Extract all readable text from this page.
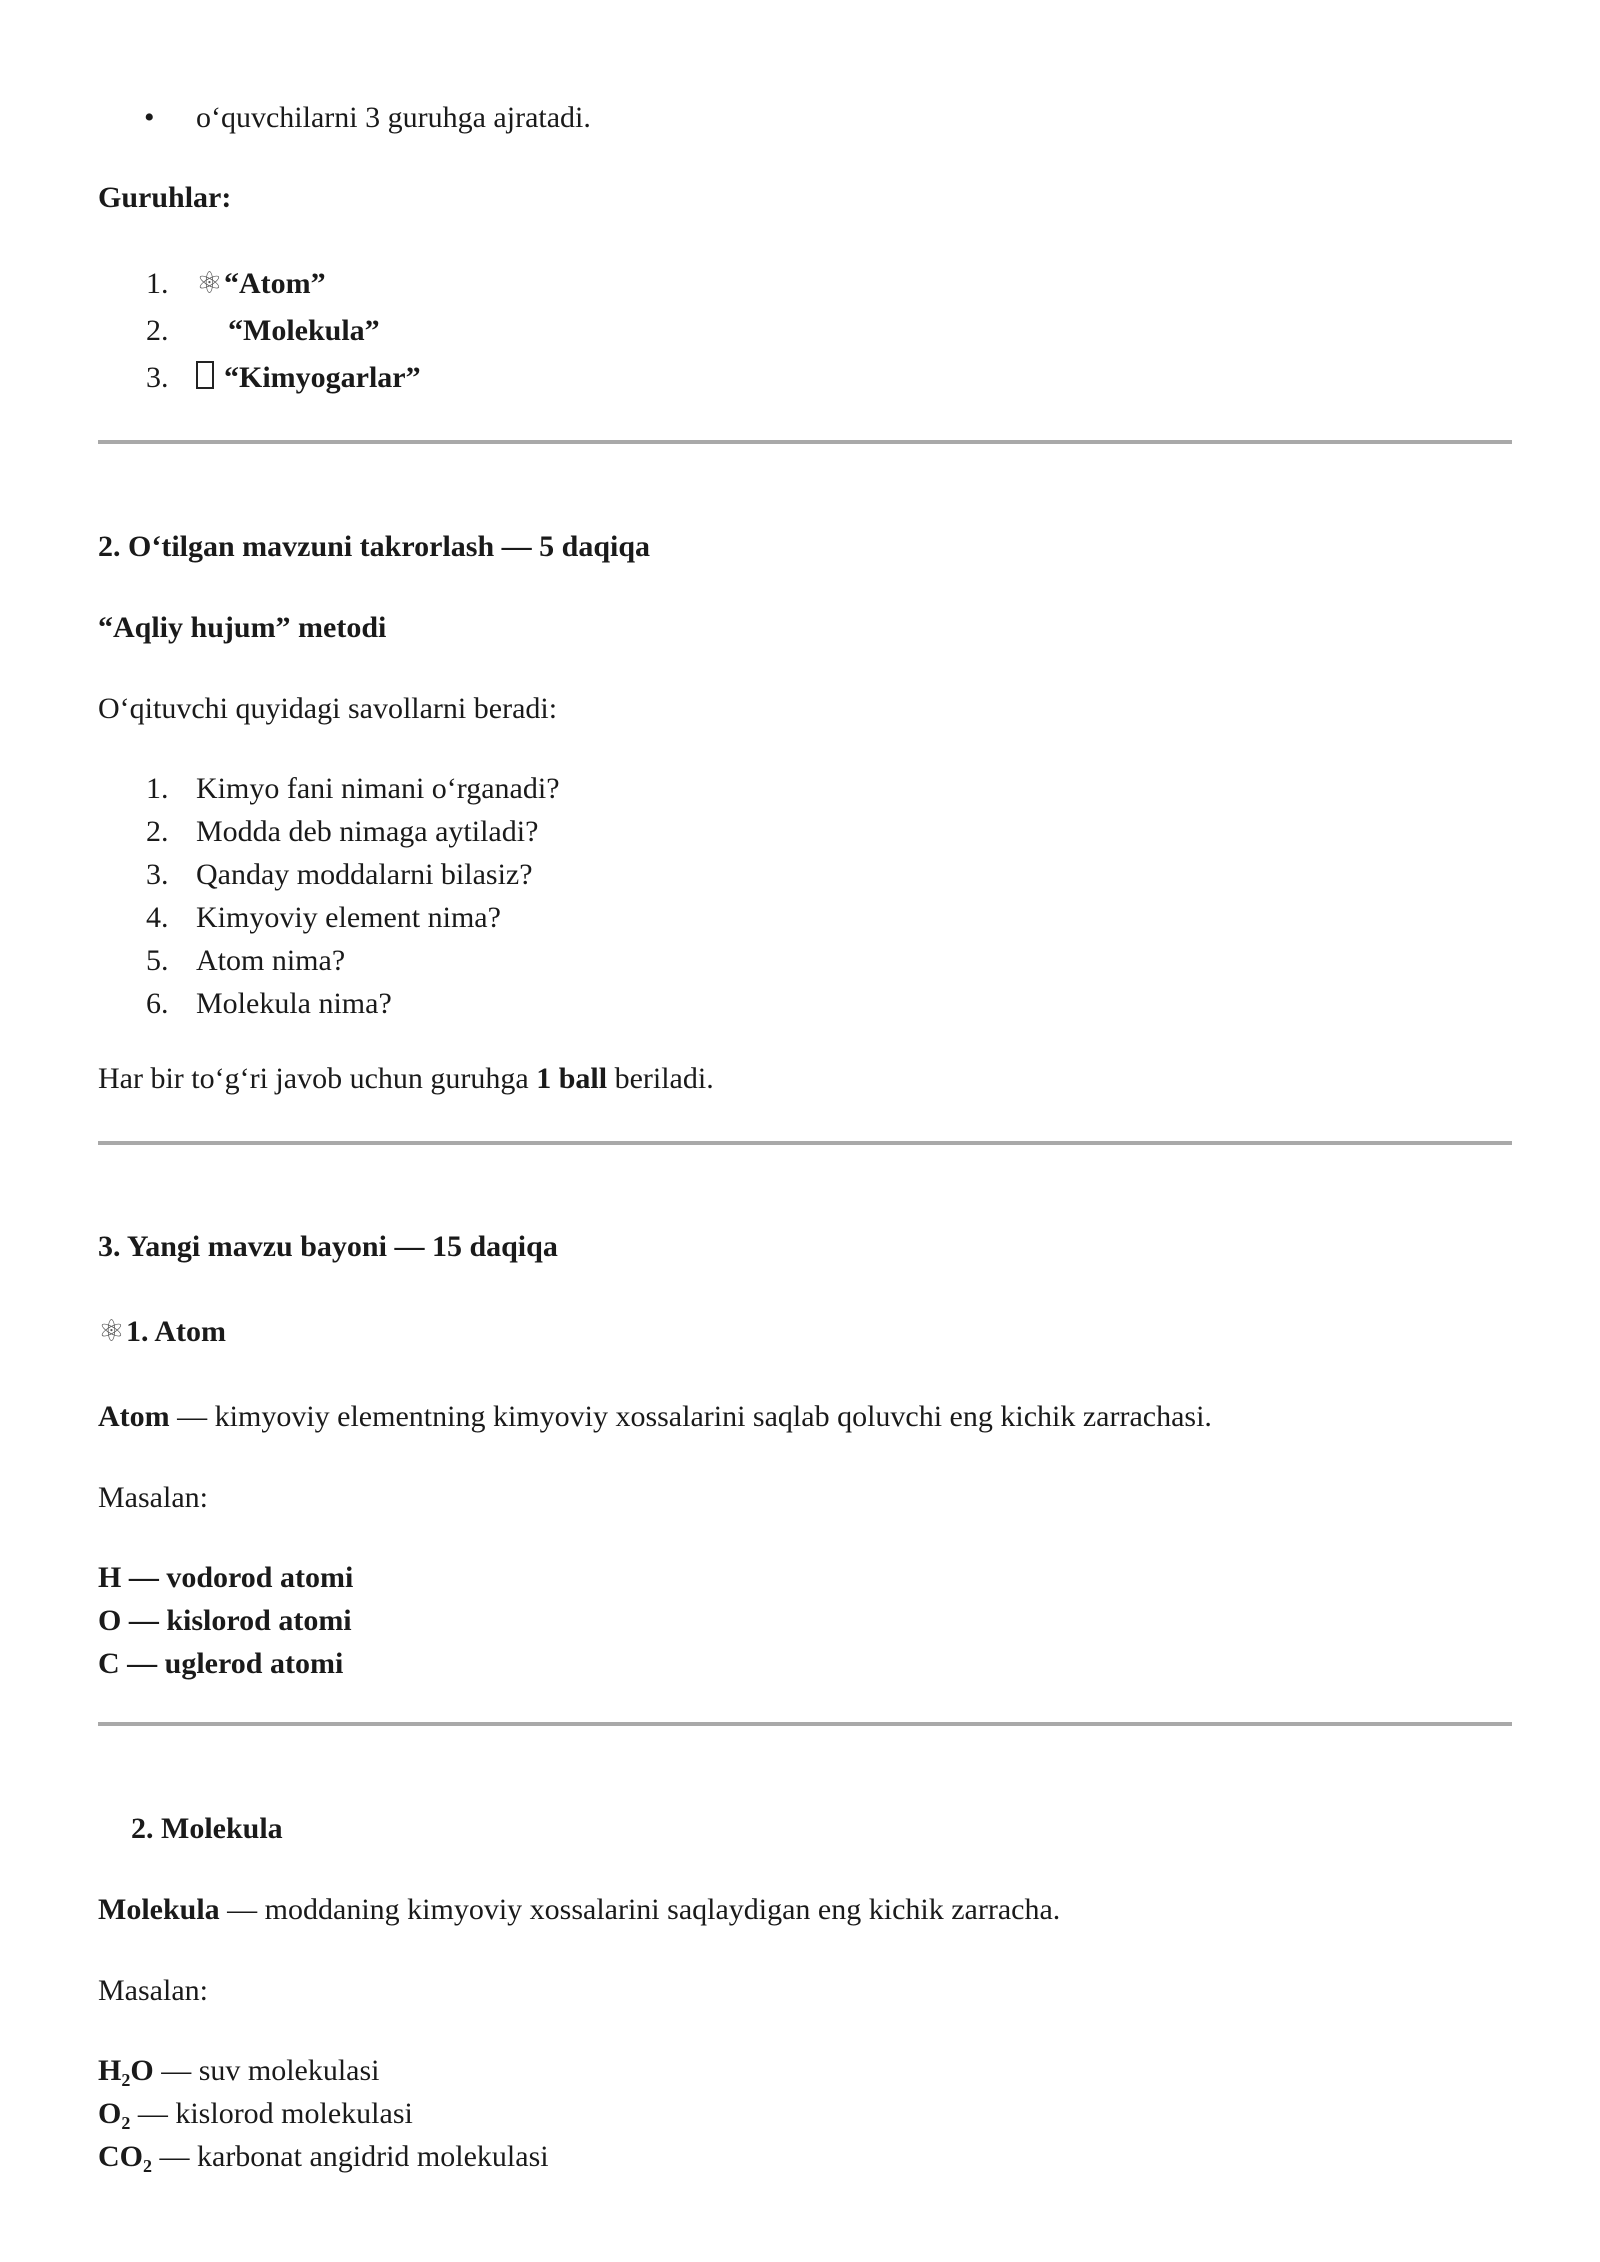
• o‘quvchilarni 3 guruhga ajratadi.

Guruhlar:

1. ⚛“Atom”
2. “Molekula”
3. “Kimyogarlar”

2. O‘tilgan mavzuni takrorlash — 5 daqiqa

“Aqliy hujum” metodi

O‘qituvchi quyidagi savollarni beradi:

1. Kimyo fani nimani o‘rganadi?
2. Modda deb nimaga aytiladi?
3. Qanday moddalarni bilasiz?
4. Kimyoviy element nima?
5. Atom nima?
6. Molekula nima?

Har bir to‘g‘ri javob uchun guruhga 1 ball beriladi.

3. Yangi mavzu bayoni — 15 daqiqa

⚛1. Atom

Atom — kimyoviy elementning kimyoviy xossalarini saqlab qoluvchi eng kichik zarrachasi.

Masalan:

H — vodorod atomi
O — kislorod atomi
C — uglerod atomi

2. Molekula

Molekula — moddaning kimyoviy xossalarini saqlaydigan eng kichik zarracha.

Masalan:

$H_2O$ — suv molekulasi
$O_2$ — kislorod molekulasi
$CO_2$ — karbonat angidrid molekulasi
